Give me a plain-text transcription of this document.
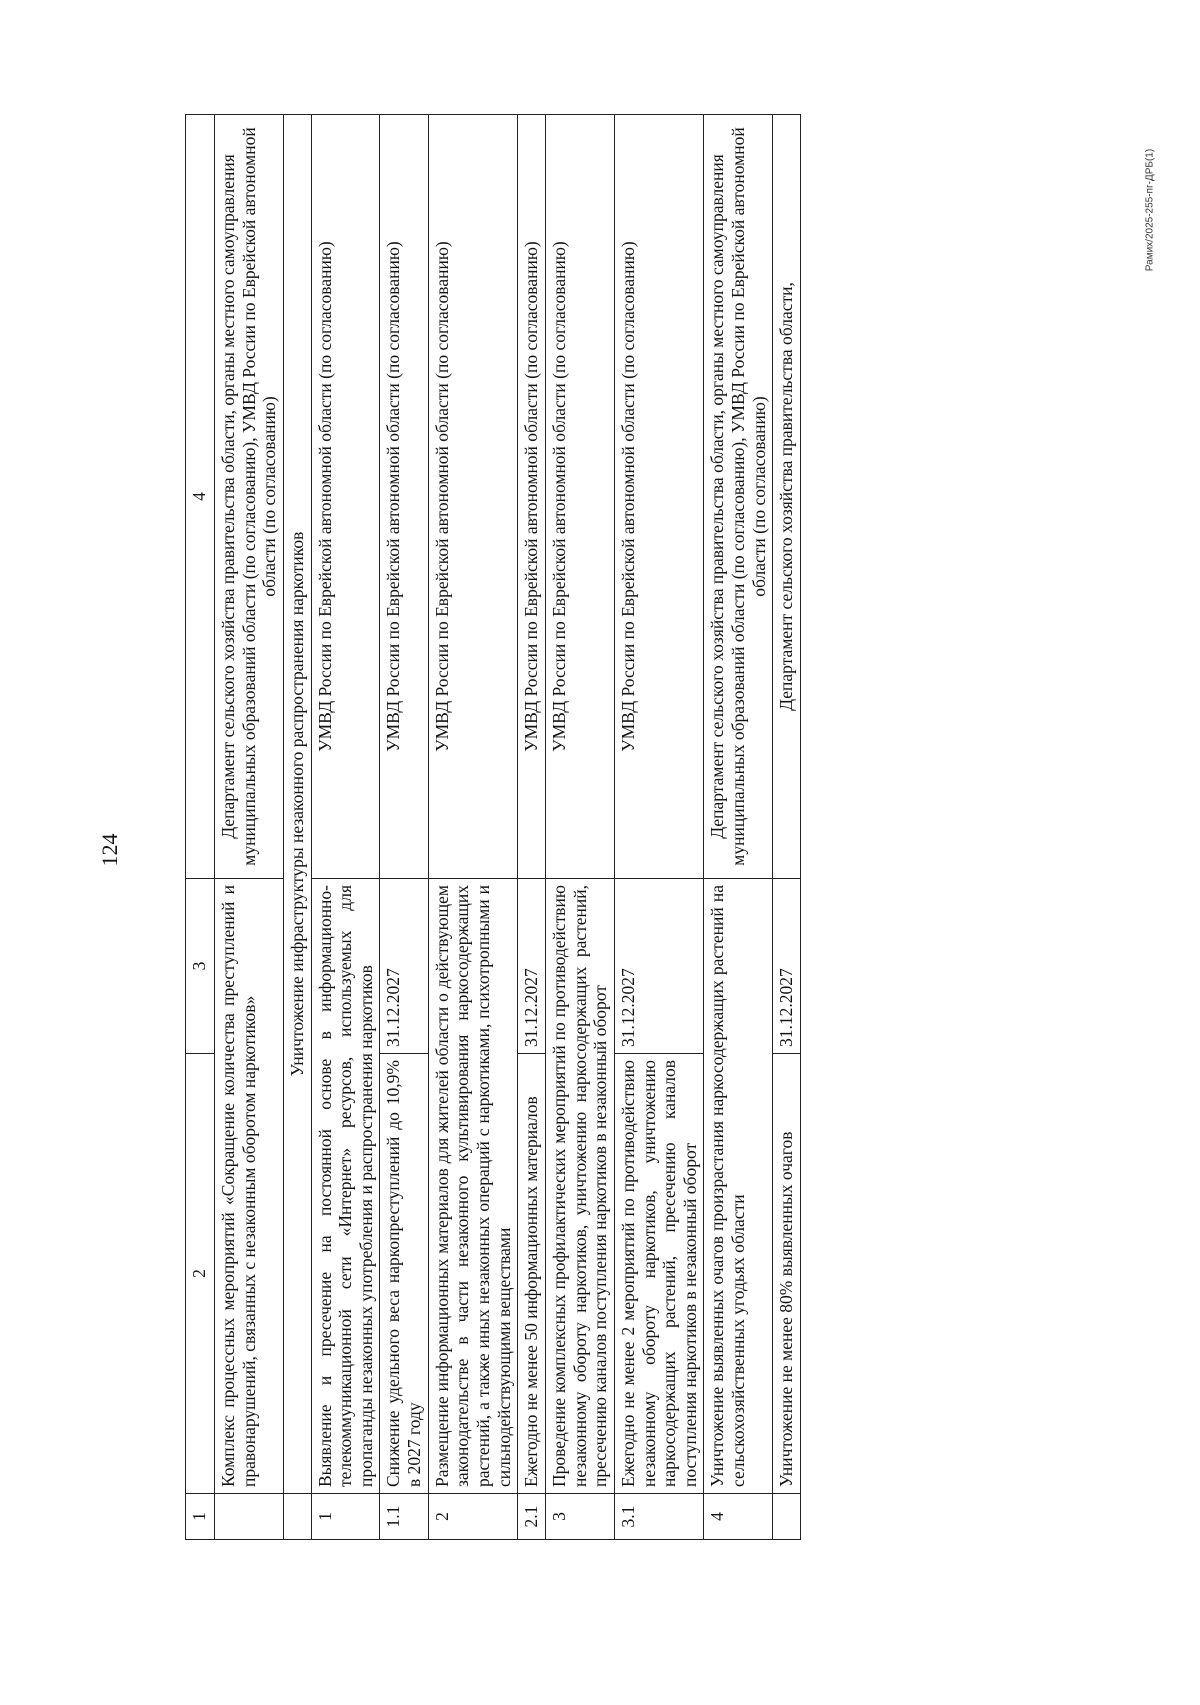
124
Рамих/2025-255-пг-ДРБ(1)
1	2	3	4
	Комплекс процессных мероприятий «Сокращение количества преступлений и правонарушений, связанных с незаконным оборотом наркотиков»		Департамент сельского хозяйства правительства области, органы местного самоуправления муниципальных образований области (по согласованию), УМВД России по Еврейской автономной области (по согласованию)
	Уничтожение инфраструктуры незаконного распространения наркотиков		
1	Выявление и пресечение на постоянной основе в информационно-телекоммуникационной сети «Интернет» ресурсов, используемых для пропаганды незаконных употребления и распространения наркотиков		УМВД России по Еврейской автономной области (по согласованию)
1.1	Снижение удельного веса наркопреступлений до 10,9% в 2027 году	31.12.2027	УМВД России по Еврейской автономной области (по согласованию)
2	Размещение информационных материалов для жителей области о действующем законодательстве в части незаконного культивирования наркосодержащих растений, а также иных незаконных операций с наркотиками, психотропными и сильнодействующими веществами		УМВД России по Еврейской автономной области (по согласованию)
2.1	Ежегодно не менее 50 информационных материалов	31.12.2027	УМВД России по Еврейской автономной области (по согласованию)
3	Проведение комплексных профилактических мероприятий по противодействию незаконному обороту наркотиков, уничтожению наркосодержащих растений, пресечению каналов поступления наркотиков в незаконный оборот		УМВД России по Еврейской автономной области (по согласованию)
3.1	Ежегодно не менее 2 мероприятий по противодействию незаконному обороту наркотиков, уничтожению наркосодержащих растений, пресечению каналов поступления наркотиков в незаконный оборот	31.12.2027	УМВД России по Еврейской автономной области (по согласованию)
4	Уничтожение выявленных очагов произрастания наркосодержащих растений на сельскохозяйственных угодьях области		Департамент сельского хозяйства правительства области, органы местного самоуправления муниципальных образований области (по согласованию), УМВД России по Еврейской автономной области (по согласованию)
	Уничтожение не менее 80% выявленных очагов	31.12.2027	Департамент сельского хозяйства правительства области,
